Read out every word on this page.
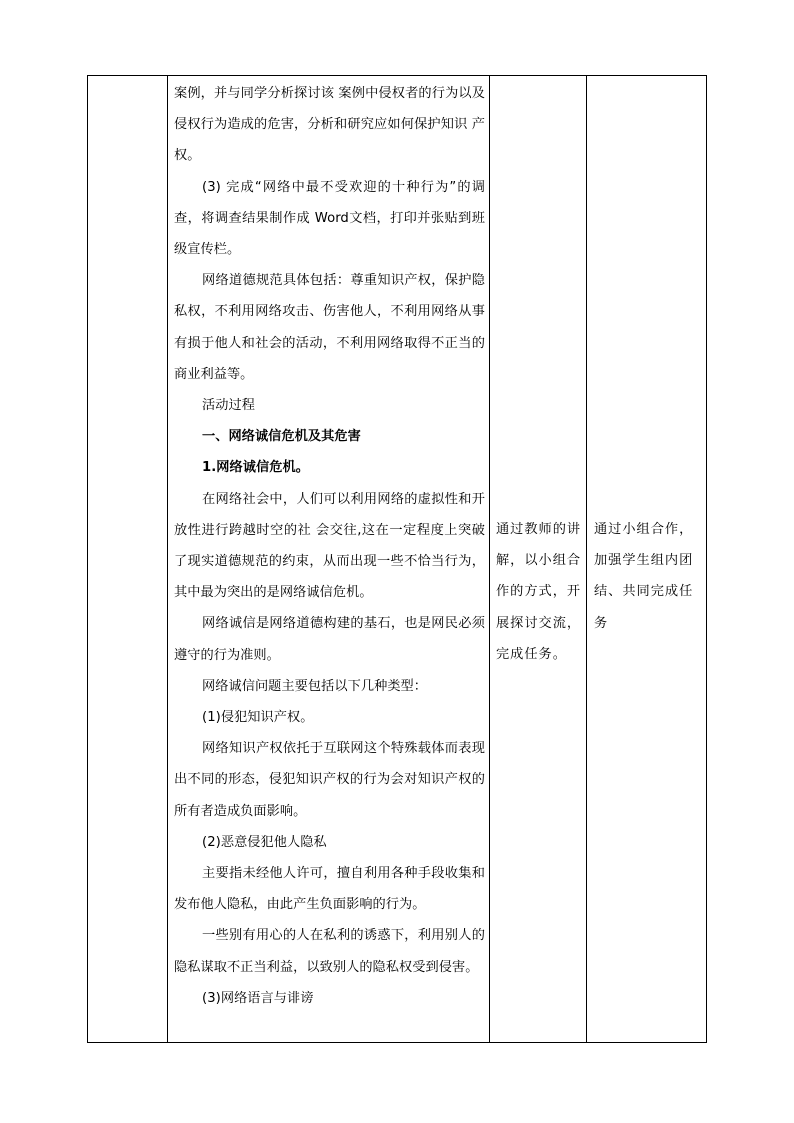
案例，并与同学分析探讨该 案例中侵权者的行为以及侵权行为造成的危害，分析和研究应如何保护知识 产权。

(3) 完成“网络中最不受欢迎的十种行为”的调查，将调查结果制作成 Word文档，打印并张贴到班级宣传栏。

网络道德规范具体包括：尊重知识产权，保护隐私权，不利用网络攻击、伤害他人，不利用网络从事有损于他人和社会的活动，不利用网络取得不正当的商业利益等。

活动过程

一、网络诚信危机及其危害

1.网络诚信危机。

在网络社会中，人们可以利用网络的虚拟性和开放性进行跨越时空的社 会交往,这在一定程度上突破了现实道德规范的约束，从而出现一些不恰当行为，其中最为突出的是网络诚信危机。

网络诚信是网络道德构建的基石，也是网民必须遵守的行为准则。

网络诚信问题主要包括以下几种类型：

(1)侵犯知识产权。

网络知识产权依托于互联网这个特殊载体而表现出不同的形态，侵犯知识产权的行为会对知识产权的所有者造成负面影响。

(2)恶意侵犯他人隐私

主要指未经他人许可，擅自利用各种手段收集和发布他人隐私，由此产生负面影响的行为。

一些别有用心的人在私利的诱惑下，利用别人的隐私谋取不正当利益，以致别人的隐私权受到侵害。

(3)网络语言与诽谤

通过教师的讲解，以小组合作的方式，开展探讨交流，完成任务。

通过小组合作，加强学生组内团结、共同完成任务
